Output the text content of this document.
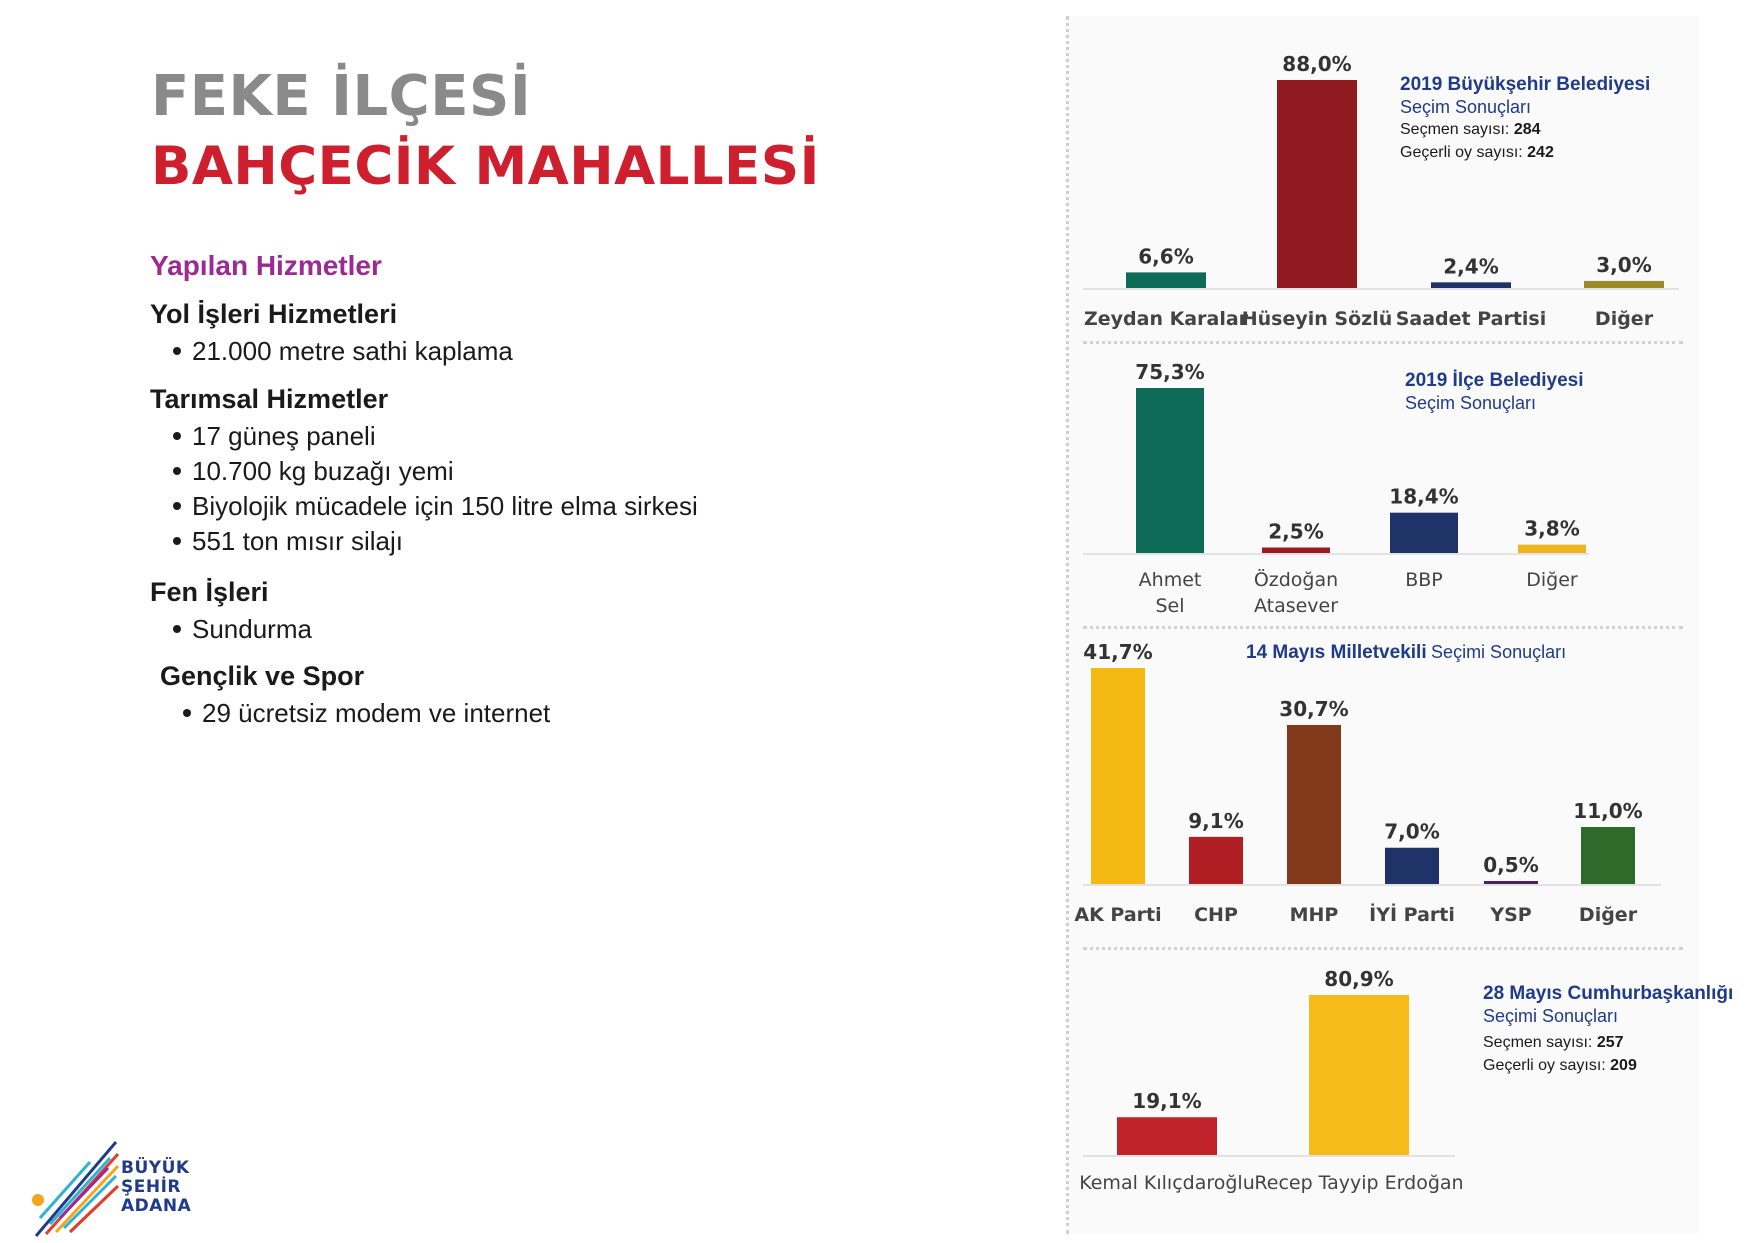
FEKE İLÇESİ
BAHÇECİK MAHALLESİ
Yapılan Hizmetler
Yol İşleri Hizmetleri
21.000 metre sathi kaplama
Tarımsal Hizmetler
17 güneş paneli
10.700 kg buzağı yemi
Biyolojik mücadele için 150 litre elma sirkesi
551 ton mısır silajı
Fen İşleri
Sundurma
Gençlik ve Spor
29 ücretsiz modem ve internet
BÜYÜK
ŞEHİR
ADANA
6,6%
Zeydan Karalar
88,0%
Hüseyin Sözlü
2,4%
Saadet Partisi
3,0%
Diğer
75,3%
Ahmet
Sel
2,5%
Özdoğan
Atasever
18,4%
BBP
3,8%
Diğer
41,7%
AK Parti
9,1%
CHP
30,7%
MHP
7,0%
İYİ Parti
0,5%
YSP
11,0%
Diğer
19,1%
Kemal Kılıçdaroğlu
80,9%
Recep Tayyip Erdoğan
2019 Büyükşehir Belediyesi
Seçim Sonuçları
Seçmen sayısı: 284
Geçerli oy sayısı: 242
2019 İlçe Belediyesi
Seçim Sonuçları
14 Mayıs Milletvekili Seçimi Sonuçları
28 Mayıs Cumhurbaşkanlığı
Seçimi Sonuçları
Seçmen sayısı: 257
Geçerli oy sayısı: 209
